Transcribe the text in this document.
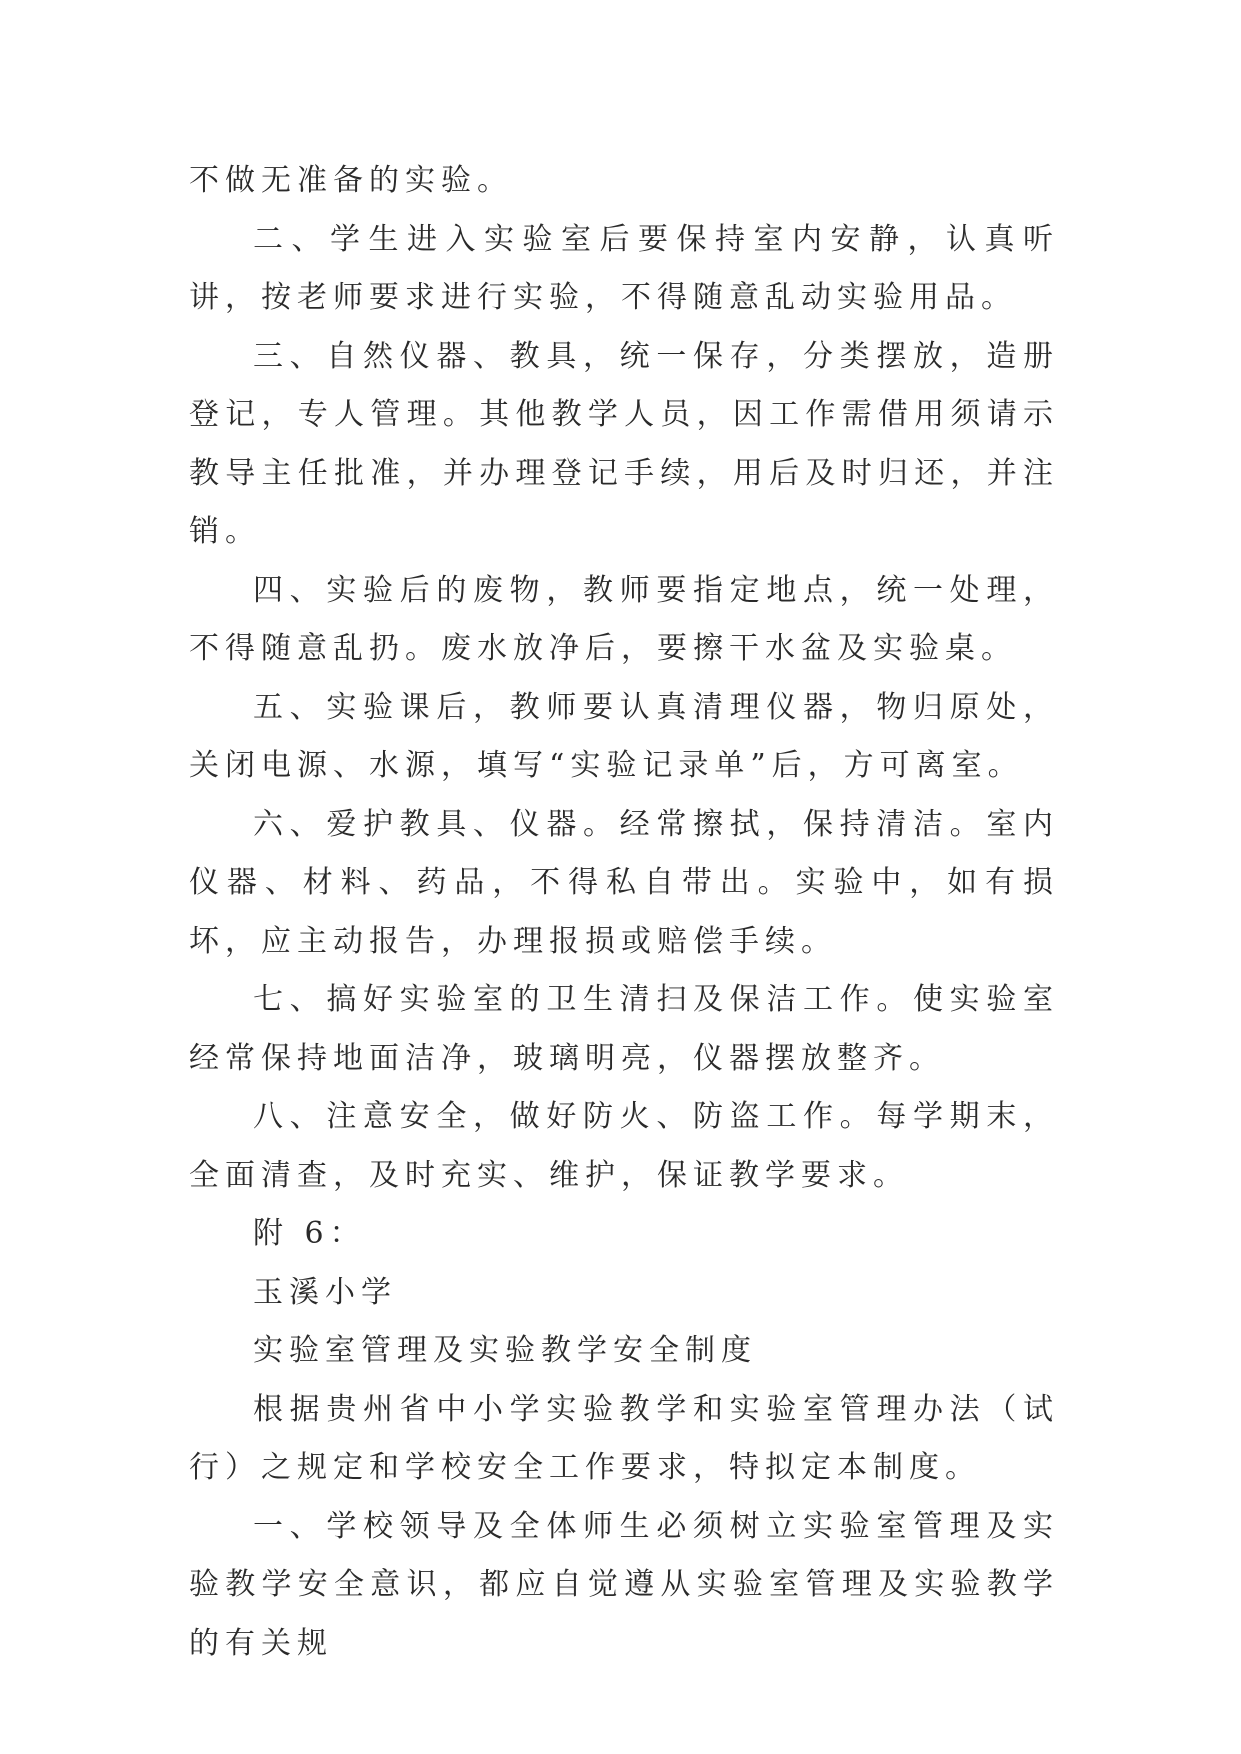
不做无准备的实验。

二、学生进入实验室后要保持室内安静，认真听讲，按老师要求进行实验，不得随意乱动实验用品。

三、自然仪器、教具，统一保存，分类摆放，造册登记，专人管理。其他教学人员，因工作需借用须请示教导主任批准，并办理登记手续，用后及时归还，并注销。

四、实验后的废物，教师要指定地点，统一处理，不得随意乱扔。废水放净后，要擦干水盆及实验桌。

五、实验课后，教师要认真清理仪器，物归原处，关闭电源、水源，填写“实验记录单”后，方可离室。

六、爱护教具、仪器。经常擦拭，保持清洁。室内仪器、材料、药品，不得私自带出。实验中，如有损坏，应主动报告，办理报损或赔偿手续。

七、搞好实验室的卫生清扫及保洁工作。使实验室经常保持地面洁净，玻璃明亮，仪器摆放整齐。

八、注意安全，做好防火、防盗工作。每学期末，全面清查，及时充实、维护，保证教学要求。

附 6：

玉溪小学

实验室管理及实验教学安全制度

根据贵州省中小学实验教学和实验室管理办法（试行）之规定和学校安全工作要求，特拟定本制度。

一、学校领导及全体师生必须树立实验室管理及实验教学安全意识，都应自觉遵从实验室管理及实验教学的有关规
